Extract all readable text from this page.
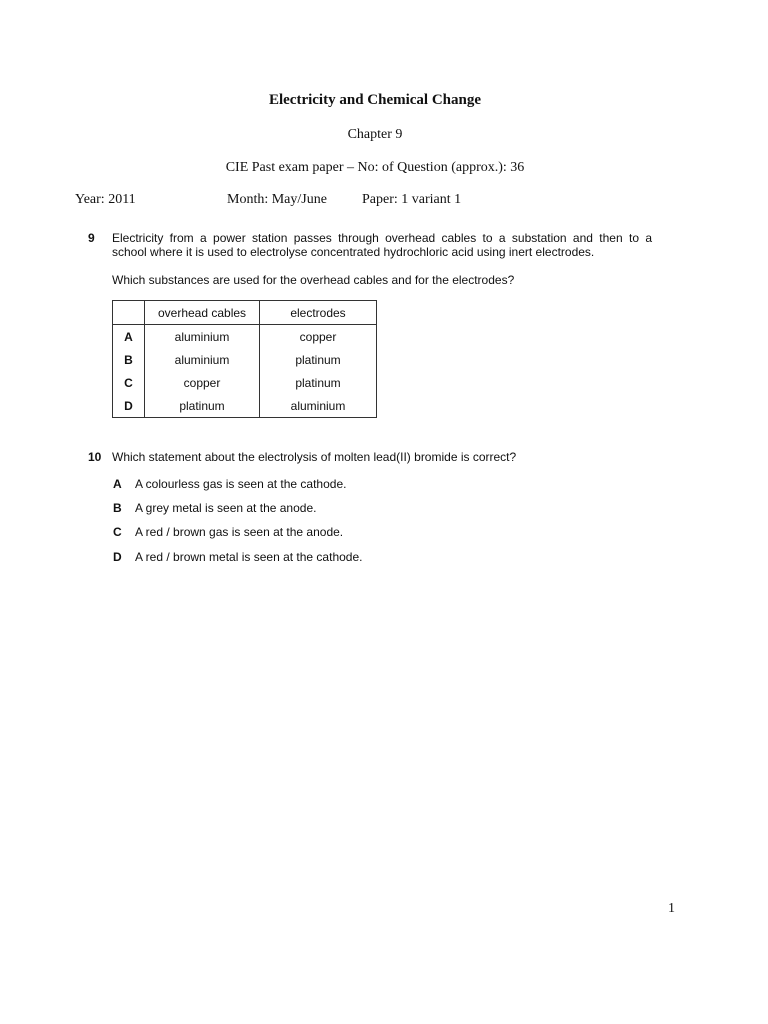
Electricity and Chemical Change
Chapter 9
CIE Past exam paper – No: of Question (approx.): 36
Year: 2011	Month: May/June	Paper: 1 variant 1
9 Electricity from a power station passes through overhead cables to a substation and then to a
school where it is used to electrolyse concentrated hydrochloric acid using inert electrodes.
Which substances are used for the overhead cables and for the electrodes?
	overhead cables	electrodes
A	aluminium	copper
B	aluminium	platinum
C	copper	platinum
D	platinum	aluminium
10 Which statement about the electrolysis of molten lead(II) bromide is correct?
A A colourless gas is seen at the cathode.
B A grey metal is seen at the anode.
C A red / brown gas is seen at the anode.
D A red / brown metal is seen at the cathode.
1
